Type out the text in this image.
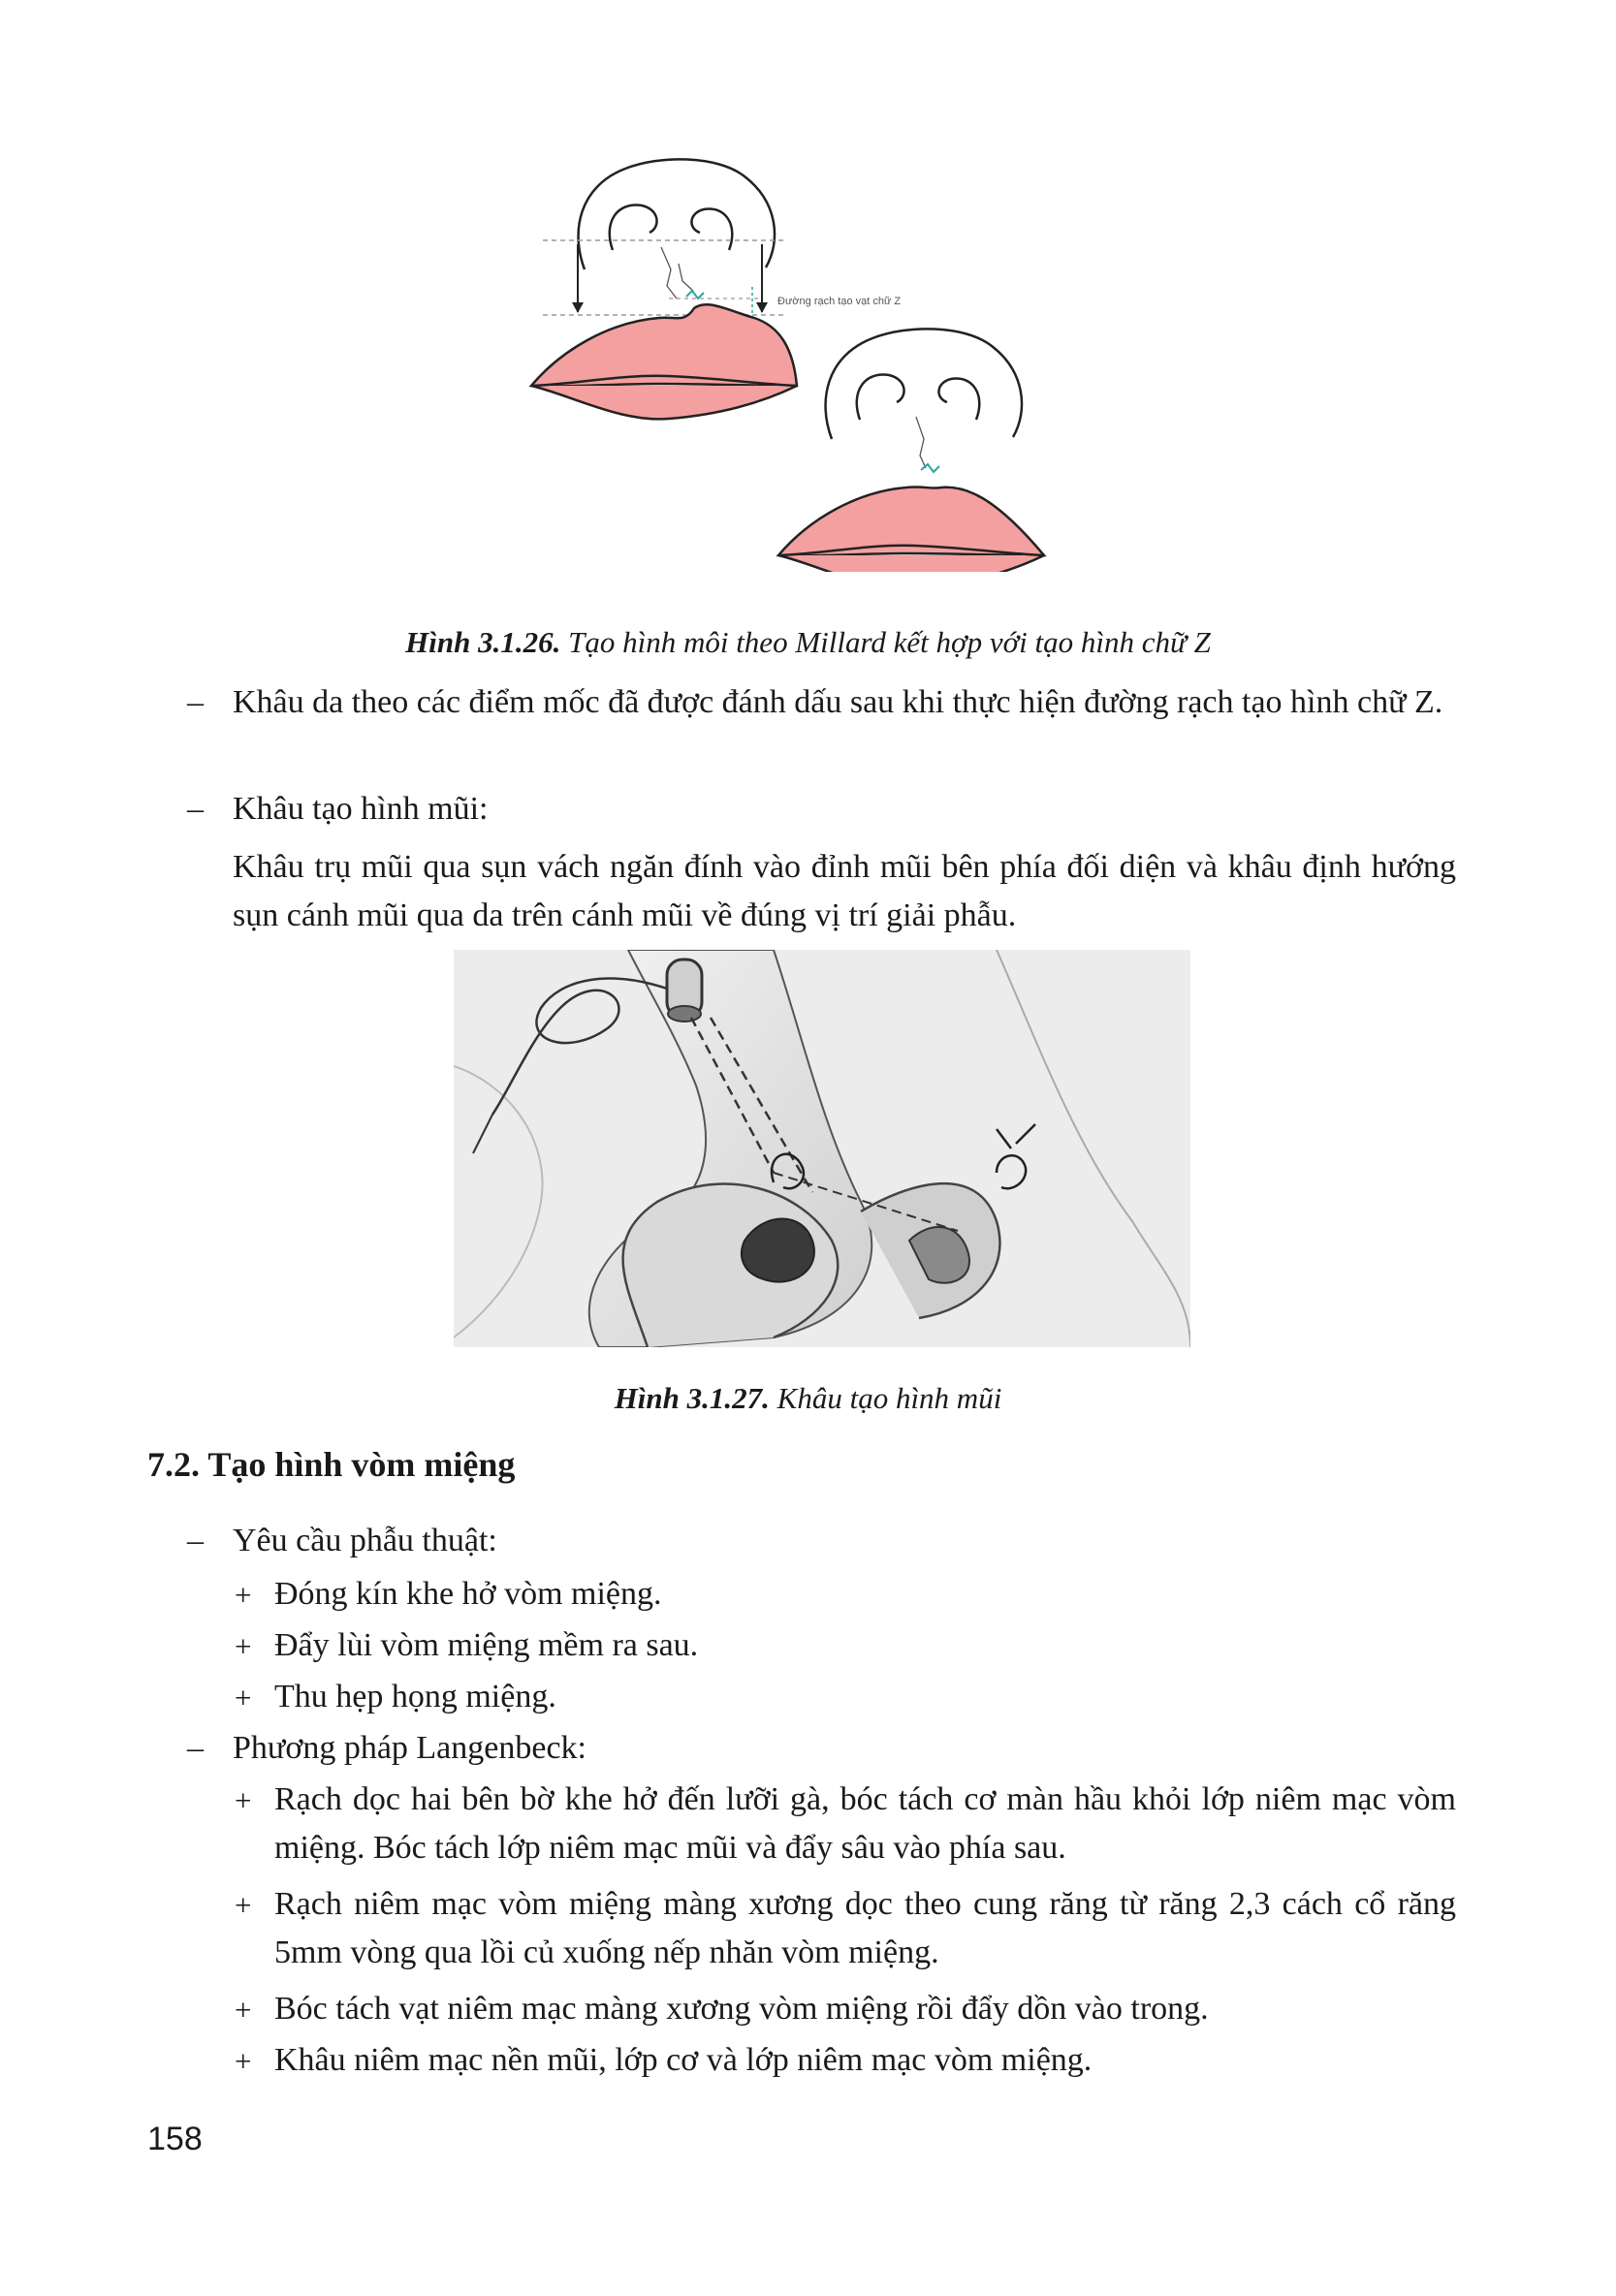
Đường rạch tạo vạt chữ Z
Hình 3.1.26. Tạo hình môi theo Millard kết hợp với tạo hình chữ Z
– Khâu da theo các điểm mốc đã được đánh dấu sau khi thực hiện đường rạch tạo hình chữ Z.
– Khâu tạo hình mũi:
Khâu trụ mũi qua sụn vách ngăn đính vào đỉnh mũi bên phía đối diện và khâu định hướng sụn cánh mũi qua da trên cánh mũi về đúng vị trí giải phẫu.
Hình 3.1.27. Khâu tạo hình mũi
7.2. Tạo hình vòm miệng
– Yêu cầu phẫu thuật:
+ Đóng kín khe hở vòm miệng.
+ Đẩy lùi vòm miệng mềm ra sau.
+ Thu hẹp họng miệng.
– Phương pháp Langenbeck:
+ Rạch dọc hai bên bờ khe hở đến lưỡi gà, bóc tách cơ màn hầu khỏi lớp niêm mạc vòm miệng. Bóc tách lớp niêm mạc mũi và đẩy sâu vào phía sau.
+ Rạch niêm mạc vòm miệng màng xương dọc theo cung răng từ răng 2,3 cách cổ răng 5mm vòng qua lồi củ xuống nếp nhăn vòm miệng.
+ Bóc tách vạt niêm mạc màng xương vòm miệng rồi đẩy dồn vào trong.
+ Khâu niêm mạc nền mũi, lớp cơ và lớp niêm mạc vòm miệng.
158
